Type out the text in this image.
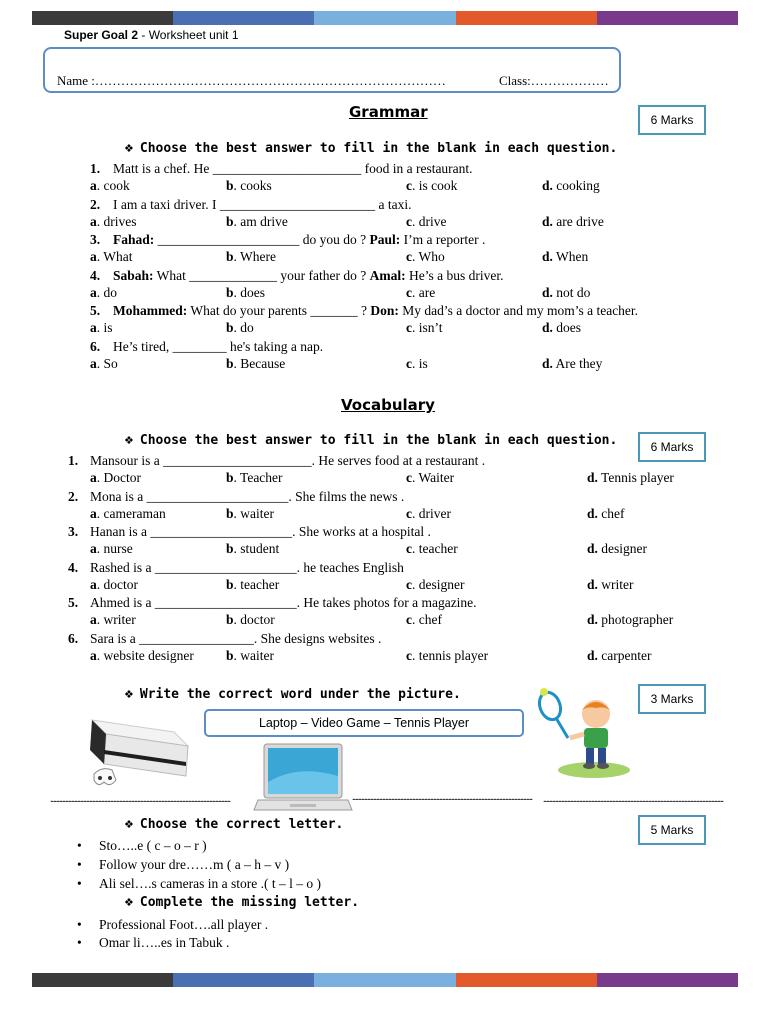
Super Goal 2 - Worksheet unit 1
Name :………………………………………………………………………	Class:………………
Grammar	6 Marks
❖ Choose the best answer to fill in the blank in each question.
1. Matt is a chef. He ______________________ food in a restaurant.
a. cook	b. cooks	c. is cook	d. cooking
2. I am a taxi driver. I _______________________ a taxi.
a. drives	b. am drive	c. drive	d. are drive
3. Fahad: _____________________ do you do ? Paul: I’m a reporter .
a. What	b. Where	c. Who	d. When
4. Sabah: What _____________ your father do ? Amal: He’s a bus driver.
a. do	b. does	c. are	d. not do
5. Mohammed: What do your parents _______ ? Don: My dad’s a doctor and my mom’s a teacher.
a. is	b. do	c. isn’t	d. does
6. He’s tired, ________ he's taking a nap.
a. So	b. Because	c. is	d. Are they
Vocabulary
6 Marks
❖ Choose the best answer to fill in the blank in each question.
1. Mansour is a ______________________. He serves food at a restaurant .
a. Doctor	b. Teacher	c. Waiter	d. Tennis player
2. Mona is a _____________________. She films the news .
a. cameraman	b. waiter	c. driver	d. chef
3. Hanan is a _____________________. She works at a hospital .
a. nurse	b. student	c. teacher	d. designer
4. Rashed is a _____________________. he teaches English
a. doctor	b. teacher	c. designer	d. writer
5. Ahmed is a _____________________. He takes photos for a magazine.
a. writer	b. doctor	c. chef	d. photographer
6. Sara is a _________________. She designs websites .
a. website designer b. waiter	c. tennis player	d. carpenter
❖ Write the correct word under the picture.	3 Marks
Laptop – Video Game – Tennis Player
........................................................................................................................	........................................................................................................................ ........................................................................................................................
❖ Choose the correct letter.	5 Marks
• Sto…..e ( c – o – r )
• Follow your dre……m ( a – h – v )
• Ali sel….s cameras in a store .( t – l – o )
❖ Complete the missing letter.
• Professional Foot….all player .
• Omar li…..es in Tabuk .
